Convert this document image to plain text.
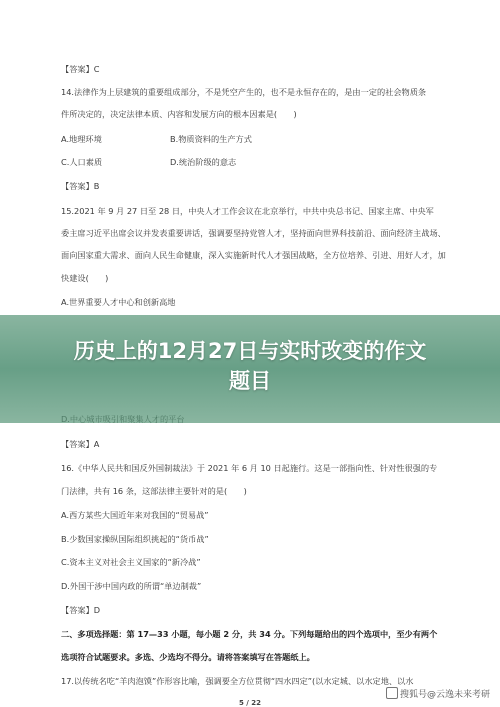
【答案】C
14.法律作为上层建筑的重要组成部分，不是凭空产生的，也不是永恒存在的，是由一定的社会物质条
件所决定的，决定法律本质、内容和发展方向的根本因素是(　　)
A.地理环境	B.物质资料的生产方式
C.人口素质	D.统治阶级的意志
【答案】B
15.2021 年 9 月 27 日至 28 日，中央人才工作会议在北京举行，中共中央总书记、国家主席、中央军
委主席习近平出席会议并发表重要讲话，强调要坚持党管人才，坚持面向世界科技前沿、面向经济主战场、
面向国家重大需求、面向人民生命健康，深入实施新时代人才强国战略，全方位培养、引进、用好人才，加
快建设(　　)
A.世界重要人才中心和创新高地
【答案】A
16.《中华人民共和国反外国制裁法》于 2021 年 6 月 10 日起施行。这是一部指向性、针对性很强的专
门法律，共有 16 条，这部法律主要针对的是(　　)
A.西方某些大国近年来对我国的“贸易战”
B.少数国家操纵国际组织挑起的“货币战”
C.资本主义对社会主义国家的“新冷战”
D.外国干涉中国内政的所谓“单边制裁”
【答案】D
二、多项选择题：第 17—33 小题，每小题 2 分，共 34 分。下列每题给出的四个选项中，至少有两个
选项符合试题要求。多选、少选均不得分。请将答案填写在答题纸上。
17.以传统名吃“羊肉泡馍”作形容比喻，强调要全方位贯彻“四水四定”(以水定城、以水定地、以水
5 / 22
历史上的12月27日与实时改变的作文
题目
搜狐号@云逸未来考研
